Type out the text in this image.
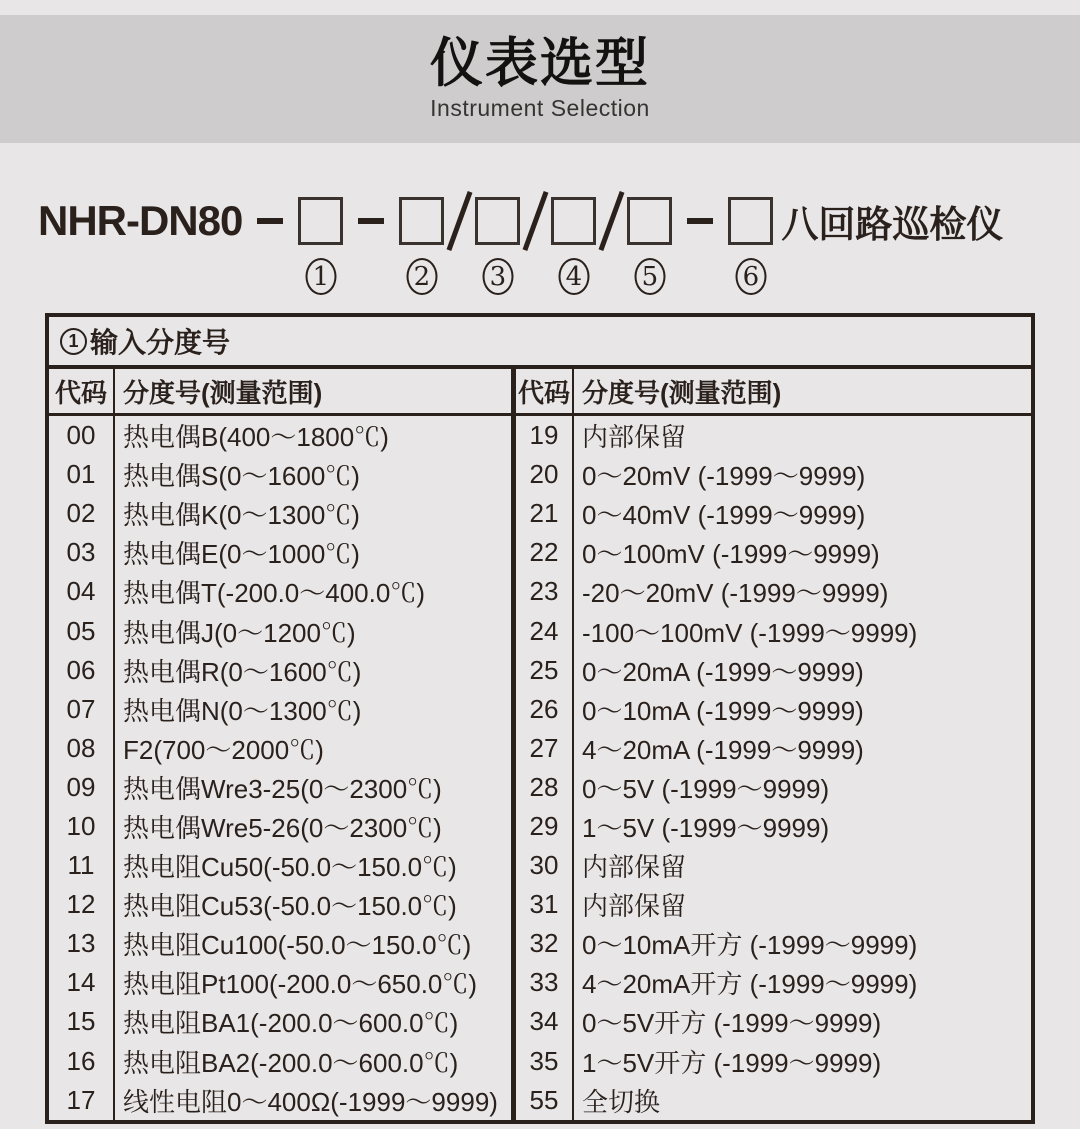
仪表选型
Instrument Selection
NHR-DN80
1	2 3 4 5	6
八回路巡检仪
1 输入分度号
代码 分度号(测量范围)	代码 分度号(测量范围)
00	热电偶B(400～1800℃)	19 内部保留
01	热电偶S(0～1600℃)	20 0～20mV (-1999～9999)
02	热电偶K(0～1300℃)	21 0～40mV (-1999～9999)
03	热电偶E(0～1000℃)	22 0～100mV (-1999～9999)
04	热电偶T(-200.0～400.0℃)	23 -20～20mV (-1999～9999)
05	热电偶J(0～1200℃)	24 -100～100mV (-1999～9999)
06	热电偶R(0～1600℃)	25 0～20mA (-1999～9999)
07	热电偶N(0～1300℃)	26 0～10mA (-1999～9999)
08	F2(700～2000℃)	27 4～20mA (-1999～9999)
09	热电偶Wre3-25(0～2300℃)	28 0～5V (-1999～9999)
10	热电偶Wre5-26(0～2300℃)	29 1～5V (-1999～9999)
11	热电阻Cu50(-50.0～150.0℃)	30 内部保留
12	热电阻Cu53(-50.0～150.0℃)	31 内部保留
13	热电阻Cu100(-50.0～150.0℃)	32 0～10mA开方 (-1999～9999)
14	热电阻Pt100(-200.0～650.0℃)	33 4～20mA开方 (-1999～9999)
15	热电阻BA1(-200.0～600.0℃)	34 0～5V开方 (-1999～9999)
16	热电阻BA2(-200.0～600.0℃)	35 1～5V开方 (-1999～9999)
17	线性电阻0～400Ω(-1999～9999)	55 全切换
